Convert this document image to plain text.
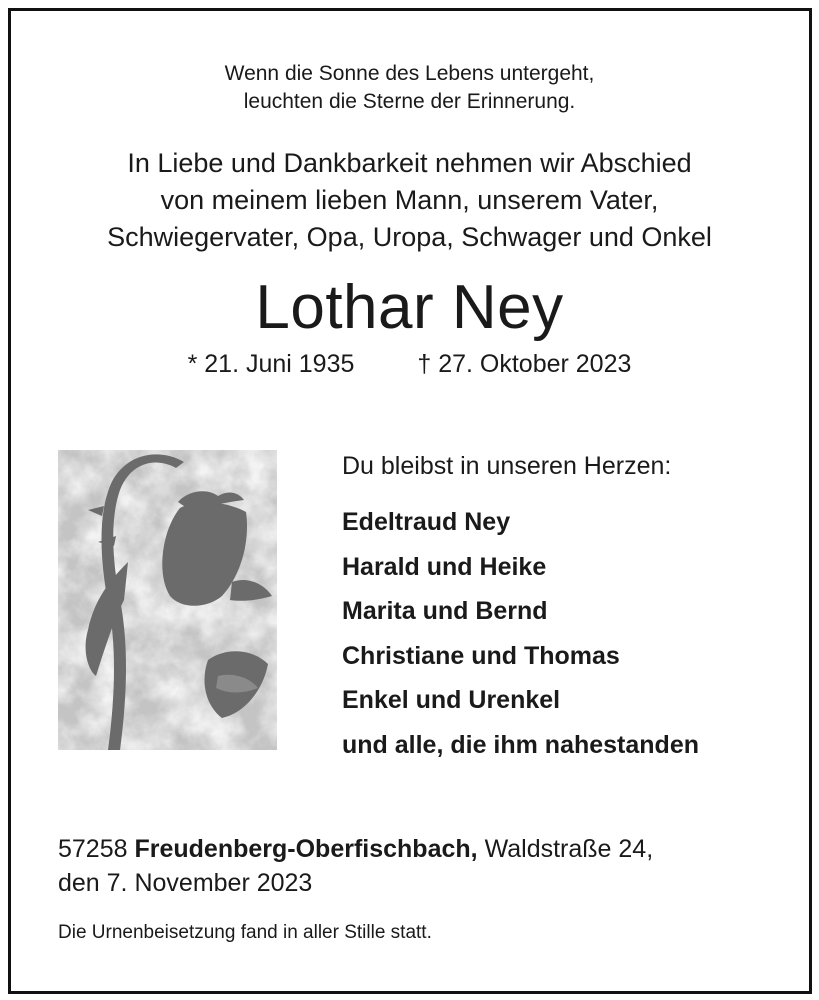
Wenn die Sonne des Lebens untergeht,
leuchten die Sterne der Erinnerung.
In Liebe und Dankbarkeit nehmen wir Abschied
von meinem lieben Mann, unserem Vater,
Schwiegervater, Opa, Uropa, Schwager und Onkel
Lothar Ney
* 21. Juni 1935	† 27. Oktober 2023
Du bleibst in unseren Herzen:
Edeltraud Ney
Harald und Heike
Marita und Bernd
Christiane und Thomas
Enkel und Urenkel
und alle, die ihm nahestanden
57258 Freudenberg-Oberfischbach, Waldstraße 24,
den 7. November 2023
Die Urnenbeisetzung fand in aller Stille statt.
